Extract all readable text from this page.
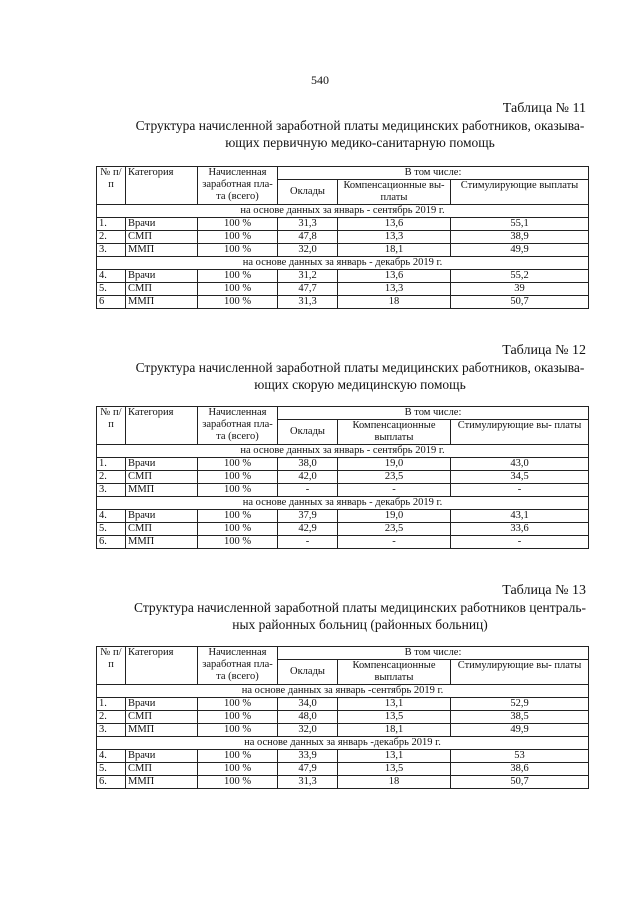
540
Таблица № 11
Структура начисленной заработной платы медицинских работников, оказыва-
ющих первичную медико-санитарную помощь
№ п/п	Категория	Начисленная заработная пла- та (всего)	В том числе:		
			Оклады	Компенсационные вы- платы	Стимулирующие выплаты
на основе данных за январь - сентябрь 2019 г.					
1.	Врачи	100 %	31,3	13,6	55,1
2.	СМП	100 %	47,8	13,3	38,9
3.	ММП	100 %	32,0	18,1	49,9
на основе данных за январь - декабрь 2019 г.					
4.	Врачи	100 %	31,2	13,6	55,2
5.	СМП	100 %	47,7	13,3	39
6	ММП	100 %	31,3	18	50,7
Таблица № 12
Структура начисленной заработной платы медицинских работников, оказыва-
ющих скорую медицинскую помощь
№ п/п	Категория	Начисленная заработная пла- та (всего)	В том числе:		
			Оклады	Компенсационные выплаты	Стимулирующие вы- платы
на основе данных за январь - сентябрь 2019 г.					
1.	Врачи	100 %	38,0	19,0	43,0
2.	СМП	100 %	42,0	23,5	34,5
3.	ММП	100 %	-	-	-
на основе данных за январь - декабрь 2019 г.					
4.	Врачи	100 %	37,9	19,0	43,1
5.	СМП	100 %	42,9	23,5	33,6
6.	ММП	100 %	-	-	-
Таблица № 13
Структура начисленной заработной платы медицинских работников централь-
ных районных больниц (районных больниц)
№ п/п	Категория	Начисленная заработная пла- та (всего)	В том числе:		
			Оклады	Компенсационные выплаты	Стимулирующие вы- платы
на основе данных за январь -сентябрь 2019 г.					
1.	Врачи	100 %	34,0	13,1	52,9
2.	СМП	100 %	48,0	13,5	38,5
3.	ММП	100 %	32,0	18,1	49,9
на основе данных за январь -декабрь 2019 г.					
4.	Врачи	100 %	33,9	13,1	53
5.	СМП	100 %	47,9	13,5	38,6
6.	ММП	100 %	31,3	18	50,7
